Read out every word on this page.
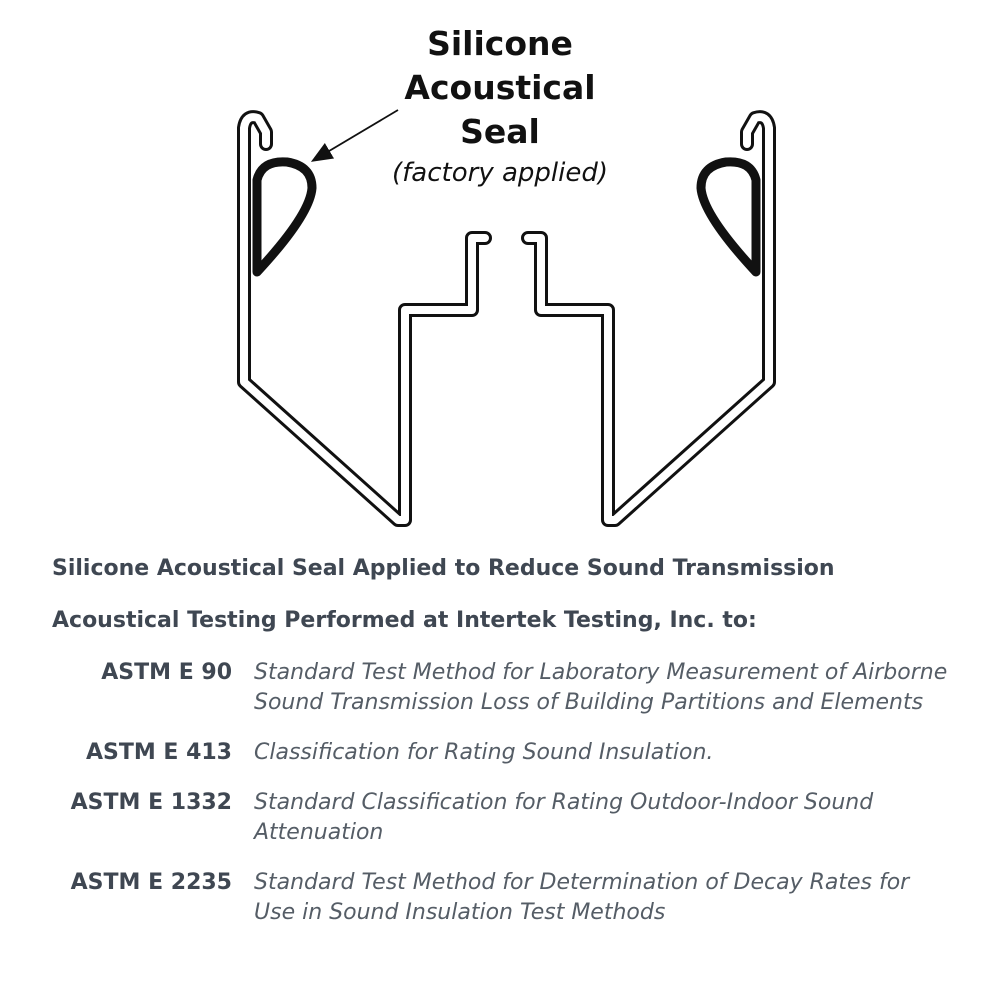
Silicone
Acoustical
Seal
(factory applied)
Silicone Acoustical Seal Applied to Reduce Sound Transmission
Acoustical Testing Performed at Intertek Testing, Inc. to:
ASTM E 90	Standard Test Method for Laboratory Measurement of Airborne Sound Transmission Loss of Building Partitions and Elements
ASTM E 413	Classification for Rating Sound Insulation.
ASTM E 1332	Standard Classification for Rating Outdoor-Indoor Sound Attenuation
ASTM E 2235	Standard Test Method for Determination of Decay Rates for Use in Sound Insulation Test Methods
